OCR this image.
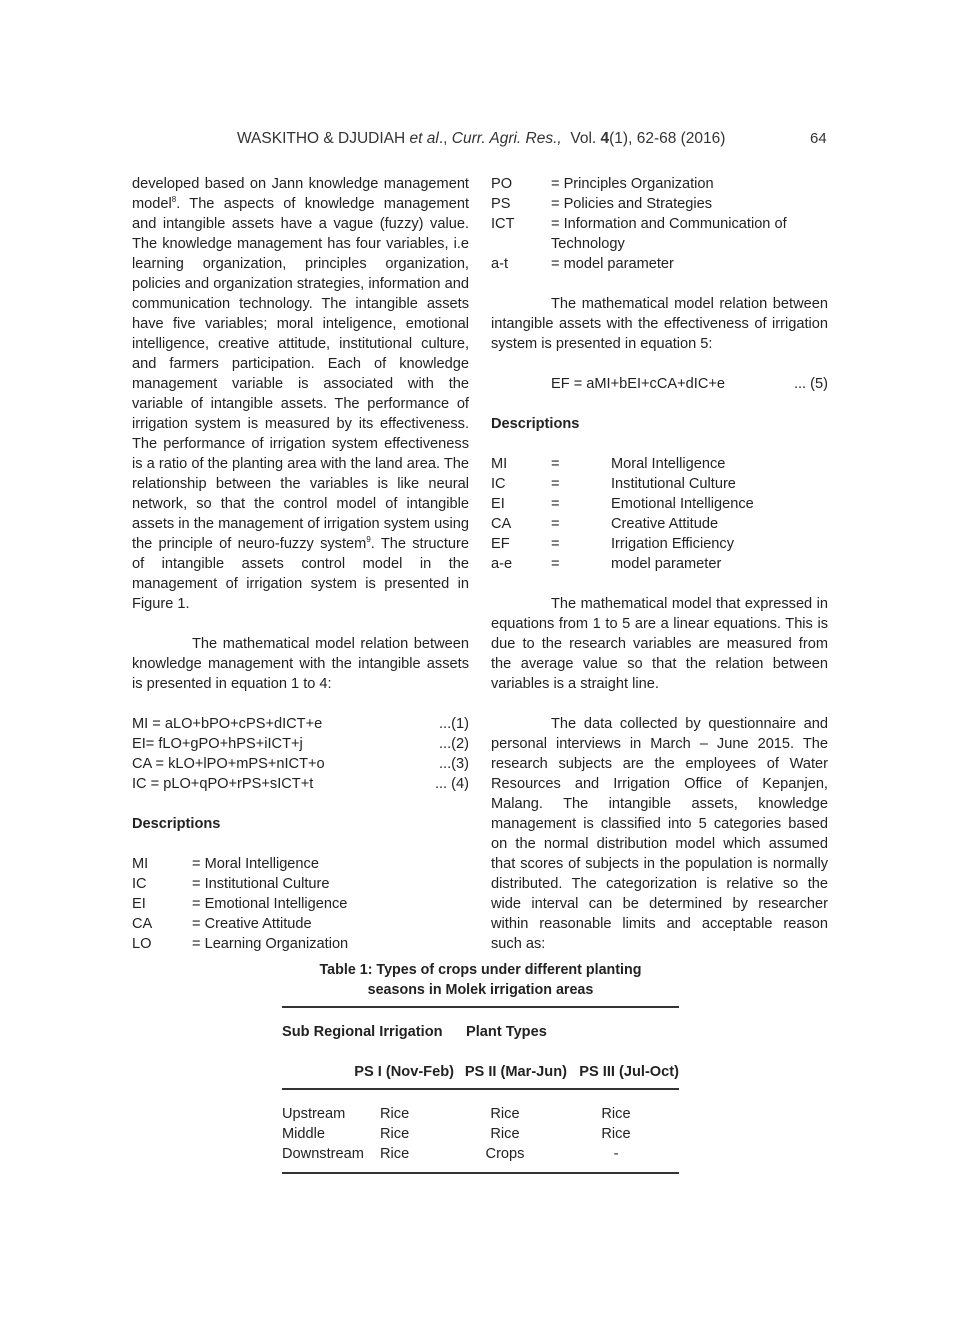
WASKITHO & DJUDIAH et al., Curr. Agri. Res., Vol. 4(1), 62-68 (2016)	64

developed based on Jann knowledge management model$^8$. The aspects of knowledge management and intangible assets have a vague (fuzzy) value. The knowledge management has four variables, i.e learning organization, principles organization, policies and organization strategies, information and communication technology. The intangible assets have five variables; moral inteligence, emotional intelligence, creative attitude, institutional culture, and farmers participation. Each of knowledge management variable is associated with the variable of intangible assets. The performance of irrigation system is measured by its effectiveness. The performance of irrigation system effectiveness is a ratio of the planting area with the land area. The relationship between the variables is like neural network, so that the control model of intangible assets in the management of irrigation system using the principle of neuro-fuzzy system$^9$. The structure of intangible assets control model in the management of irrigation system is presented in Figure 1.

The mathematical model relation between knowledge management with the intangible assets is presented in equation 1 to 4:

MI = aLO+bPO+cPS+dICT+e	...(1)
EI= fLO+gPO+hPS+iICT+j	...(2)
CA = kLO+lPO+mPS+nICT+o	...(3)
IC = pLO+qPO+rPS+sICT+t	... (4)
Descriptions
MI	= Moral Intelligence
IC	= Institutional Culture
EI	= Emotional Intelligence
CA	= Creative Attitude
LO	= Learning Organization
PO	= Principles Organization
PS	= Policies and Strategies
ICT	= Information and Communication of Technology
a-t	= model parameter

The mathematical model relation between intangible assets with the effectiveness of irrigation system is presented in equation 5:

EF = aMI+bEI+cCA+dIC+e	... (5)
Descriptions
MI	=	Moral Intelligence
IC	=	Institutional Culture
EI	=	Emotional Intelligence
CA	=	Creative Attitude
EF	=	Irrigation Efficiency
a-e	=	model parameter

The mathematical model that expressed in equations from 1 to 5 are a linear equations. This is due to the research variables are measured from the average value so that the relation between variables is a straight line.

The data collected by questionnaire and personal interviews in March – June 2015. The research subjects are the employees of Water Resources and Irrigation Office of Kepanjen, Malang. The intangible assets, knowledge management is classified into 5 categories based on the normal distribution model which assumed that scores of subjects in the population is normally distributed. The categorization is relative so the wide interval can be determined by researcher within reasonable limits and acceptable reason such as:

Table 1: Types of crops under different planting
seasons in Molek irrigation areas
Sub Regional Irrigation	Plant Types
PS I (Nov-Feb) PS II (Mar-Jun) PS III (Jul-Oct)
Upstream	Rice	Rice	Rice
Middle	Rice	Rice	Rice
Downstream	Rice	Crops	-
